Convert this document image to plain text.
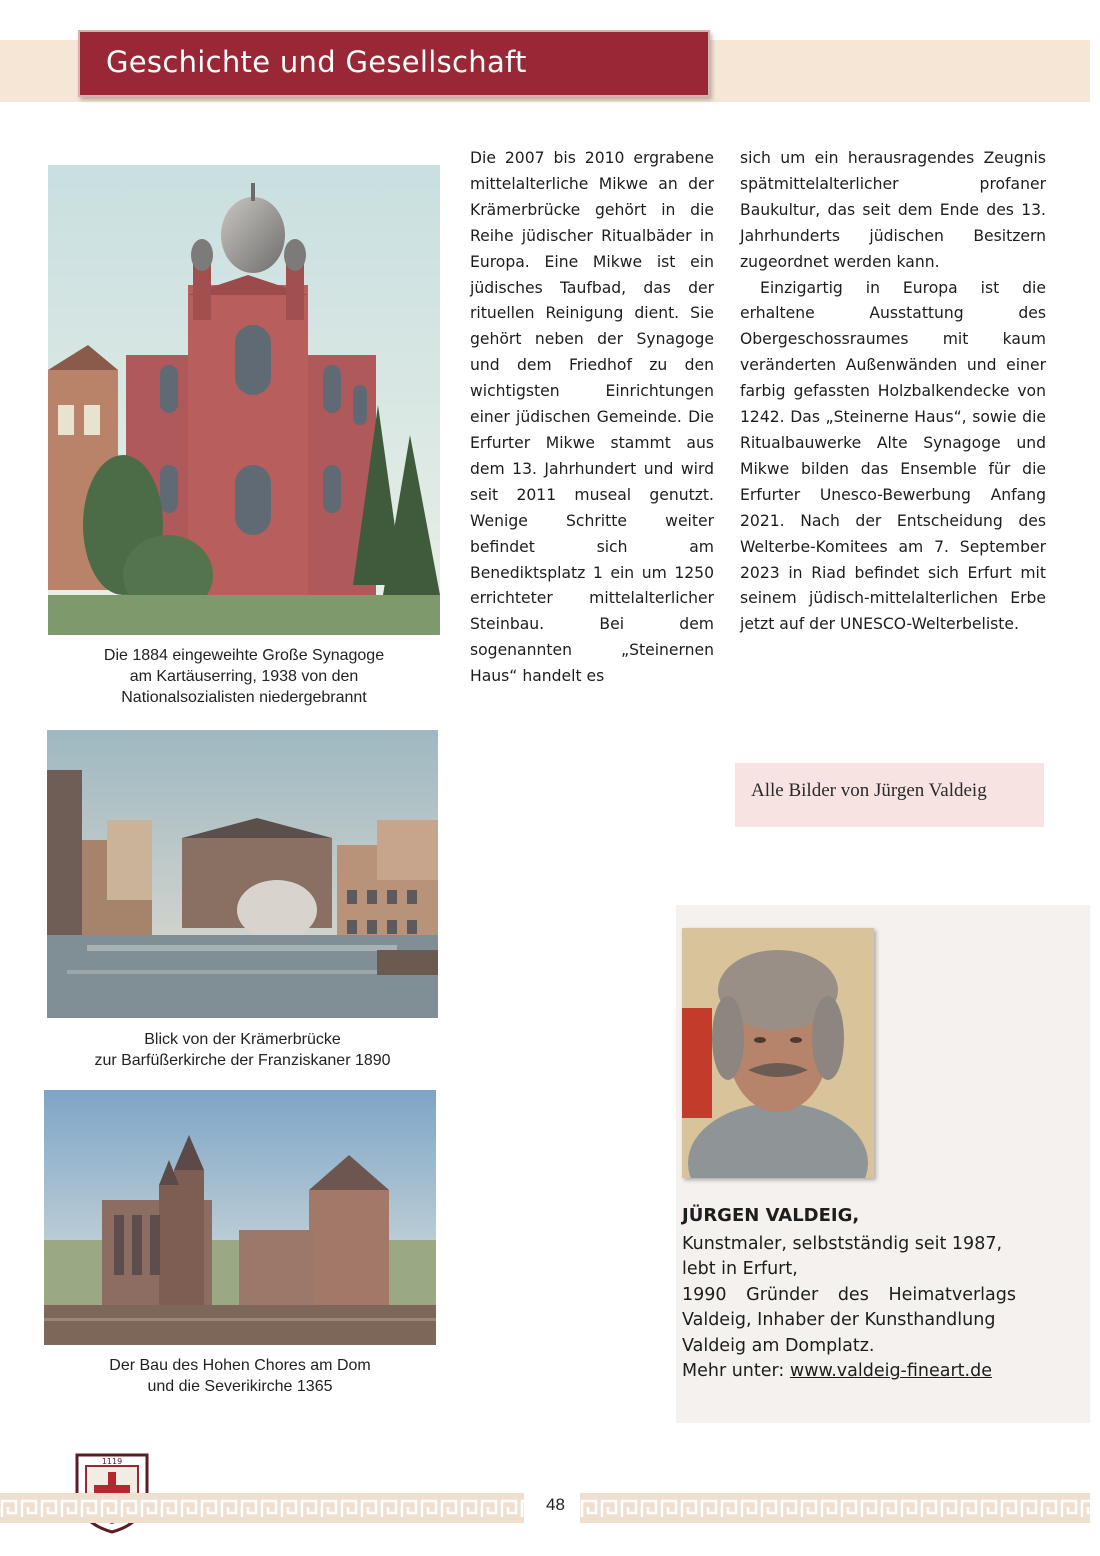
Geschichte und Gesellschaft
Die 1884 eingeweihte Große Synagoge
am Kartäuserring, 1938 von den
Nationalsozialisten niedergebrannt
Blick von der Krämerbrücke
zur Barfüßerkirche der Franziskaner 1890
Der Bau des Hohen Chores am Dom
und die Severikirche 1365

Die 2007 bis 2010 ergrabene mittelalterliche Mikwe an der Krämerbrücke gehört in die Reihe jüdischer Ritualbäder in Europa. Eine Mikwe ist ein jüdisches Taufbad, das der rituellen Reinigung dient. Sie gehört neben der Synagoge und dem Friedhof zu den wichtigsten Einrichtungen einer jüdischen Gemeinde. Die Erfurter Mikwe stammt aus dem 13. Jahrhundert und wird seit 2011 museal genutzt. Wenige Schritte weiter befindet sich am Benediktsplatz 1 ein um 1250 errichteter mittelalterlicher Steinbau. Bei dem sogenannten „Steinernen Haus“ handelt es

sich um ein herausragendes Zeugnis spätmittelalterlicher profaner Baukultur, das seit dem Ende des 13. Jahrhunderts jüdischen Besitzern zugeordnet werden kann.

Einzigartig in Europa ist die erhaltene Ausstattung des Obergeschossraumes mit kaum veränderten Außenwänden und einer farbig gefassten Holzbalkendecke von 1242. Das „Steinerne Haus“, sowie die Ritualbauwerke Alte Synagoge und Mikwe bilden das Ensemble für die Erfurter Unesco-Bewerbung Anfang 2021. Nach der Entscheidung des Welterbe-Komitees am 7. September 2023 in Riad befindet sich Erfurt mit seinem jüdisch-mittelalterlichen Erbe jetzt auf der UNESCO-Welterbeliste.

Alle Bilder von Jürgen Valdeig
JÜRGEN VALDEIG,
Kunstmaler, selbstständig seit 1987,
lebt in Erfurt,
1990 Gründer des Heimatverlags
Valdeig, Inhaber der Kunsthandlung
Valdeig am Domplatz.
Mehr unter: www.valdeig-fineart.de
1119
48
